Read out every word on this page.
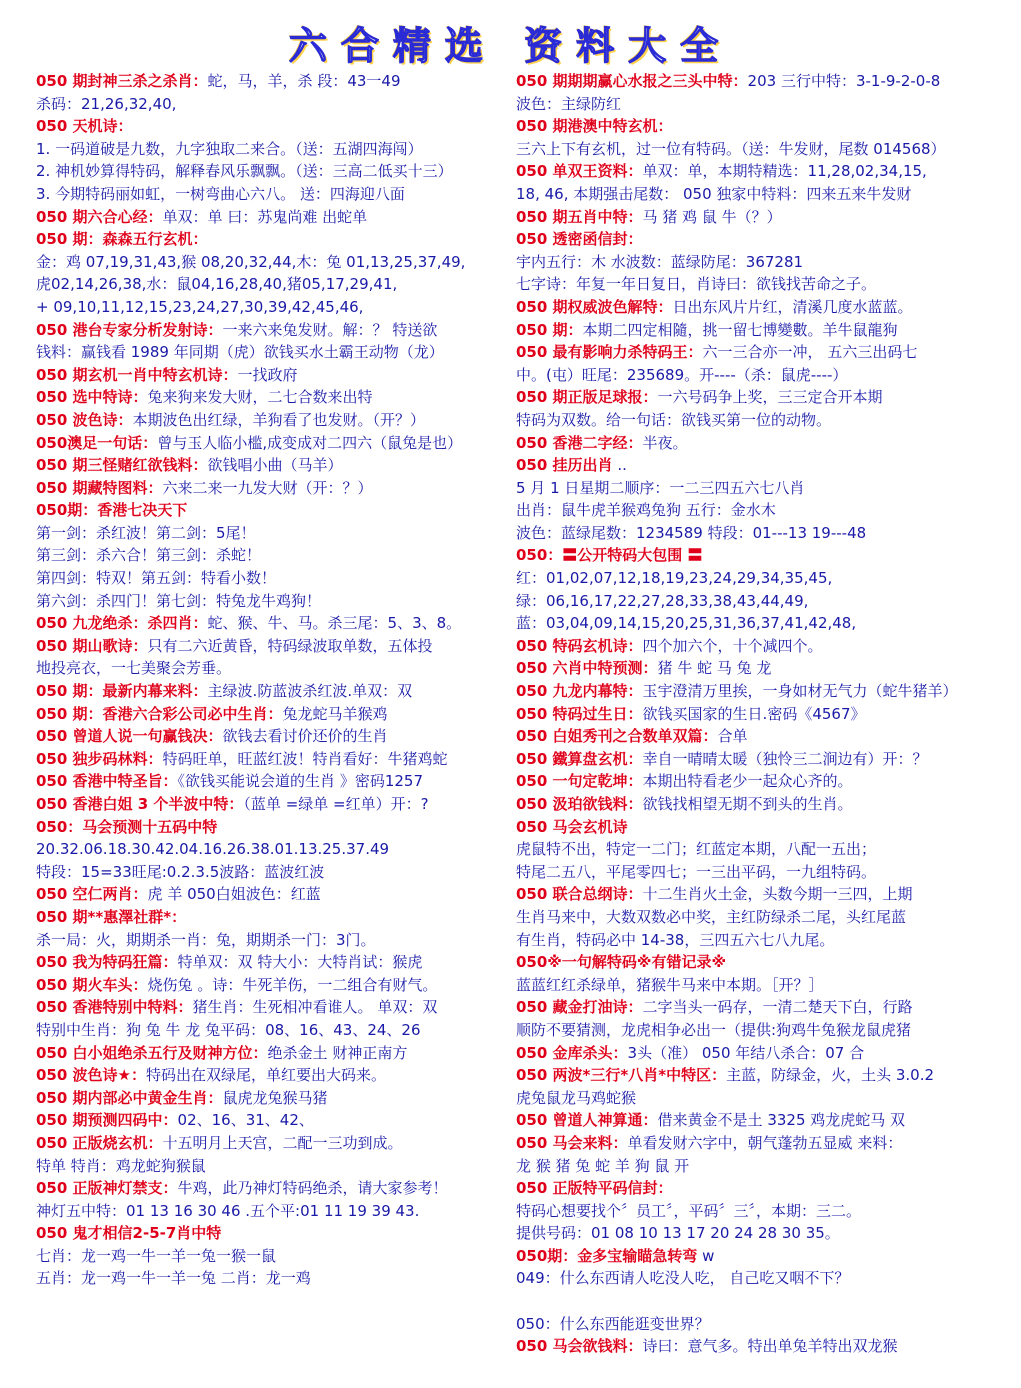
六合精选 资料大全
050 期封神三杀之杀肖：蛇，马，羊，杀 段：43一49
杀码：21,26,32,40,
050 天机诗：
1. 一码道破是九数，九字独取二来合。（送：五湖四海闯）
2. 神机妙算得特码，解释春风乐飘飘。（送：三高二低买十三）
3. 今期特码丽如虹，一树弯曲心六八。 送：四海迎八面
050 期六合心经：单双：单 曰：苏鬼尚难 出蛇单
050 期：森森五行玄机：
金：鸡 07,19,31,43,猴 08,20,32,44,木：兔 01,13,25,37,49,
虎02,14,26,38,水：鼠04,16,28,40,猪05,17,29,41,
+ 09,10,11,12,15,23,24,27,30,39,42,45,46,
050 港台专家分析发射诗：一来六来兔发财。解：？ 特送欲
钱料：赢钱看 1989 年同期（虎）欲钱买水土霸王动物（龙）
050 期玄机一肖中特玄机诗：一找政府
050 选中特诗：兔来狗来发大财，二七合数来出特
050 波色诗：本期波色出红绿，羊狗看了也发财。（开？）
050澳足一句话：曾与玉人临小槛,成变成对二四六（鼠兔是也）
050 期三怪赌红欲钱料：欲钱唱小曲（马羊）
050 期藏特图料：六来二来一九发大财（开：？）
050期：香港七决天下
第一剑：杀红波！第二剑：5尾！
第三剑：杀六合！第三剑：杀蛇！
第四剑：特双！第五剑：特看小数！
第六剑：杀四门！第七剑：特兔龙牛鸡狗！
050 九龙绝杀：杀四肖：蛇、猴、牛、马。杀三尾：5、3、8。
050 期山歌诗：只有二六近黄昏，特码绿波取单数，五体投
地投亮衣，一七美聚会芳垂。
050 期：最新内幕来料：主绿波.防蓝波杀红波.单双：双
050 期：香港六合彩公司必中生肖：兔龙蛇马羊猴鸡
050 曾道人说一句赢钱决：欲钱去看讨价还价的生肖
050 独步码林料：特码旺单，旺蓝红波！特肖看好：牛猪鸡蛇
050 香港中特圣旨：《欲钱买能说会道的生肖 》密码1257
050 香港白姐 3 个半波中特：（蓝单 =绿单 =红单）开：?
050：马会预测十五码中特
20.32.06.18.30.42.04.16.26.38.01.13.25.37.49
特段：15=33旺尾:0.2.3.5波路：蓝波红波
050 空仁两肖：虎 羊 050白姐波色：红蓝
050 期**惠澤社群*：
杀一局：火，期期杀一肖：兔，期期杀一门：3门。
050 我为特码狂篇：特单双：双 特大小：大特肖试：猴虎
050 期火车头：烧伤兔 。诗：牛死羊伤，一二组合有财气。
050 香港特别中特料：猪生肖：生死相冲看谁人。 单双：双
特别中生肖：狗 兔 牛 龙 兔平码：08、16、43、24、26
050 白小姐绝杀五行及财神方位：绝杀金土 财神正南方
050 波色诗★：特码出在双绿尾，单红要出大码来。
050 期内部必中黄金生肖：鼠虎龙兔猴马猪
050 期预测四码中：02、16、31、42、
050 正版烧玄机：十五明月上天宫，二配一三功到成。
特单 特肖：鸡龙蛇狗猴鼠
050 正版神灯禁支：牛鸡，此乃神灯特码绝杀，请大家参考！
神灯五中特：01 13 16 30 46 .五个平:01 11 19 39 43.
050 鬼才相信2-5-7肖中特
七肖：龙一鸡一牛一羊一兔一猴一鼠
五肖：龙一鸡一牛一羊一兔 二肖：龙一鸡
050 期期期赢心水报之三头中特：203 三行中特：3-1-9-2-0-8
波色：主绿防红
050 期港澳中特玄机：
三六上下有玄机，过一位有特码。（送：牛发财，尾数 014568）
050 单双王资料：单双：单，本期特精选：11,28,02,34,15,
18, 46, 本期强击尾数： 050 独家中特料：四来五来牛发财
050 期五肖中特：马 猪 鸡 鼠 牛（？）
050 透密函信封：
宇内五行：木 水波数：蓝绿防尾：367281
七字诗：年复一年日复日，肖诗曰：欲钱找苦命之子。
050 期权威波色解特：日出东风片片红，清溪几度水蓝蓝。
050 期：本期二四定相隨，挑一留七博變數。羊牛鼠龍狗
050 最有影响力杀特码王：六一三合亦一冲， 五六三出码七
中。(屯）旺尾：235689。开----（杀：鼠虎----）
050 期正版足球报：一六号码争上奖，三三定合开本期
特码为双数。给一句话：欲钱买第一位的动物。
050 香港二字经：半夜。
050 挂历出肖 ..
5 月 1 日星期二顺序：一二三四五六七八肖
出肖：鼠牛虎羊猴鸡兔狗 五行：金水木
波色：蓝绿尾数：1234589 特段：01---13 19---48
050：〓公开特码大包围 〓
红：01,02,07,12,18,19,23,24,29,34,35,45,
绿：06,16,17,22,27,28,33,38,43,44,49,
蓝：03,04,09,14,15,20,25,31,36,37,41,42,48,
050 特码玄机诗：四个加六个，十个减四个。
050 六肖中特预测：猪 牛 蛇 马 兔 龙
050 九龙内幕特：玉宇澄清万里挨，一身如材无气力（蛇牛猪羊）
050 特码过生日：欲钱买国家的生日.密码《4567》
050 白姐秀刊之合数单双篇：合单
050 鐵算盘玄机：幸自一晴晴太暖（独怜三二涧边有）开：？
050 一句定乾坤：本期出特看老少一起众心齐的。
050 汲珀欲钱料：欲钱找相望无期不到头的生肖。
050 马会玄机诗
虎鼠特不出，特定一二门；红蓝定本期，八配一五出；
特尾二五八，平尾零四七；一三出平码，一九组特码。
050 联合总纲诗：十二生肖火土金，头数今期一三四，上期
生肖马来中，大数双数必中奖，主红防绿杀二尾，头红尾蓝
有生肖，特码必中 14-38，三四五六七八九尾。
050※一句解特码※有错记录※
蓝蓝红红杀绿单，猪猴牛马来中本期。［开？］
050 藏金打油诗：二字当头一码存，一清二楚天下白，行路
顺防不要猜测，龙虎相争必出一（提供:狗鸡牛兔猴龙鼠虎猪
050 金库杀头：3头（准） 050 年结八杀合：07 合
050 两波*三行*八肖*中特区：主蓝，防绿金，火，土头 3.0.2
虎兔鼠龙马鸡蛇猴
050 曾道人神算通：借来黄金不是土 3325 鸡龙虎蛇马 双
050 马会来料：单看发财六字中，朝气蓬勃五显威 来料：
龙 猴 猪 兔 蛇 羊 狗 鼠 开
050 正版特平码信封：
特码心想要找个〞员工〞，平码〞三〞，本期：三二。
提供号码：01 08 10 13 17 20 24 28 30 35。
050期：金多宝输瞄急转弯 w
049：什么东西请人吃没人吃， 自己吃又咽不下？
050：什么东西能逛变世界？
050 马会欲钱料：诗曰：意气多。特出单兔羊特出双龙猴
